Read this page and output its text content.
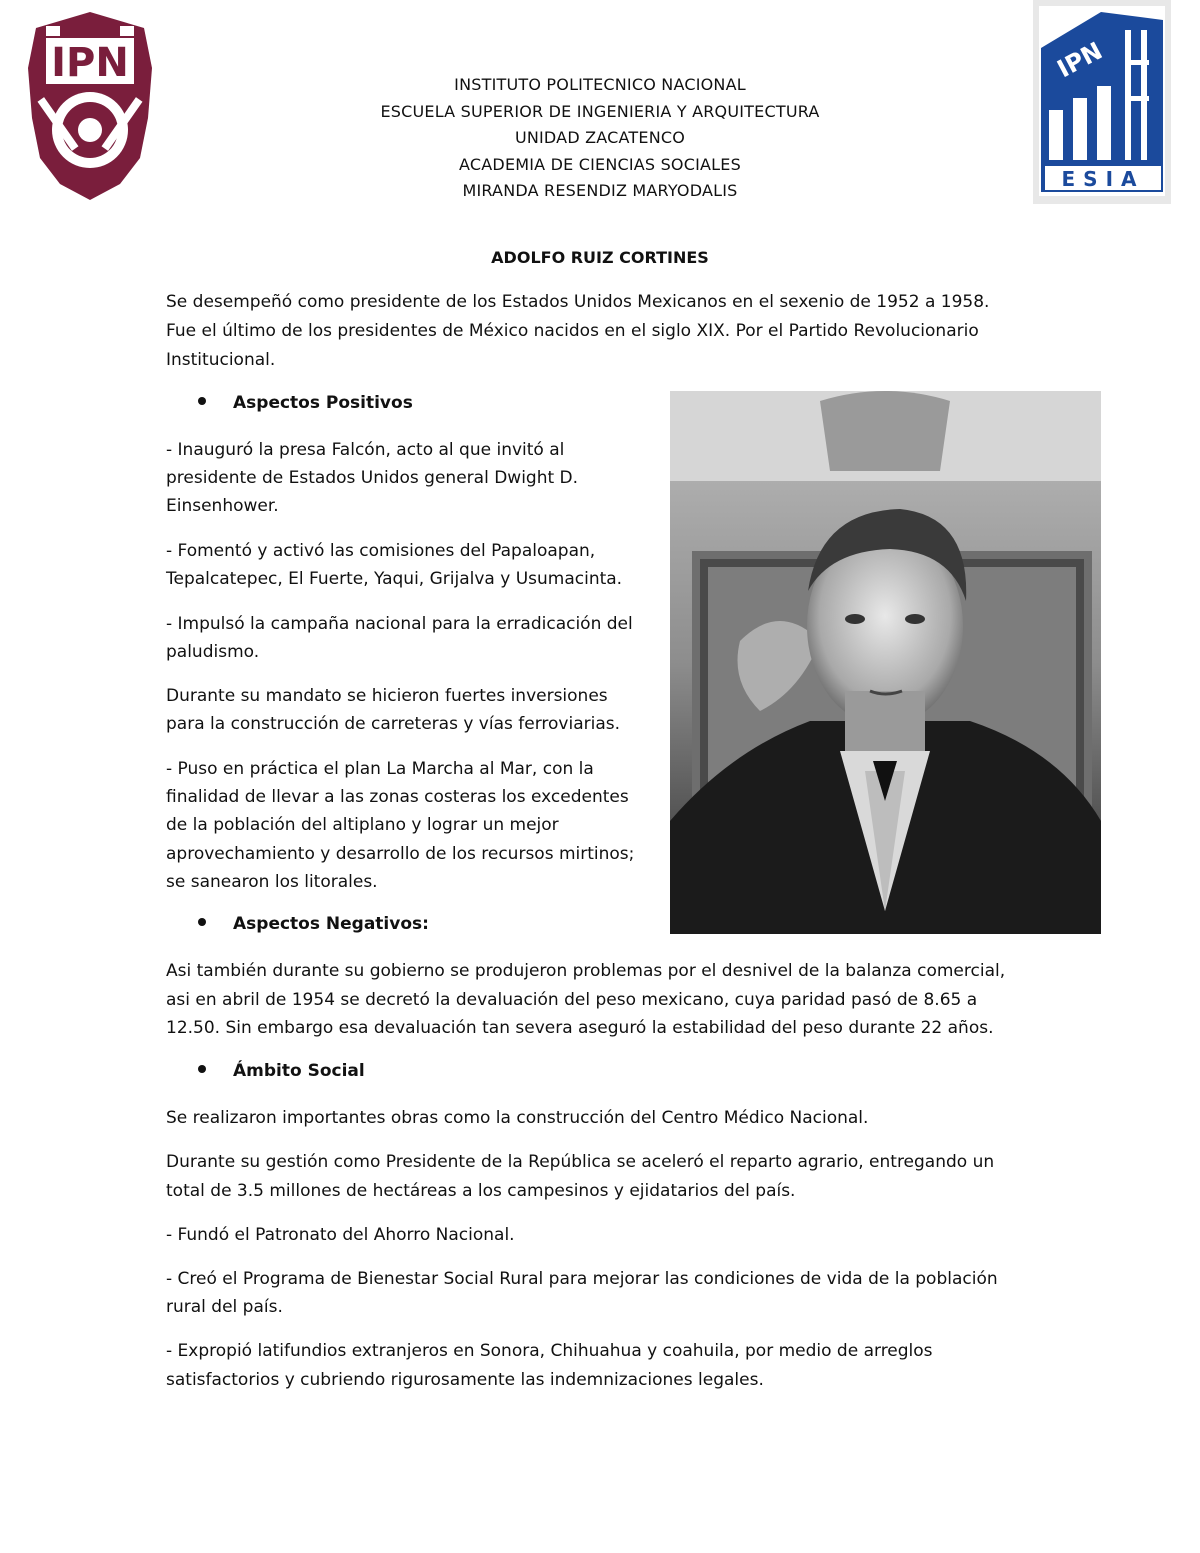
IPN	IPN
ESIA
INSTITUTO POLITECNICO NACIONAL
ESCUELA SUPERIOR DE INGENIERIA Y ARQUITECTURA
UNIDAD ZACATENCO
ACADEMIA DE CIENCIAS SOCIALES
MIRANDA RESENDIZ MARYODALIS
ADOLFO RUIZ CORTINES
Se desempeñó como presidente de los Estados Unidos Mexicanos en el sexenio de 1952 a 1958.
Fue el último de los presidentes de México nacidos en el siglo XIX. Por el Partido Revolucionario
Institucional.
Aspectos Positivos
- Inauguró la presa Falcón, acto al que invitó al
presidente de Estados Unidos general Dwight D.
Einsenhower.
- Fomentó y activó las comisiones del Papaloapan,
Tepalcatepec, El Fuerte, Yaqui, Grijalva y Usumacinta.
- Impulsó la campaña nacional para la erradicación del
paludismo.
Durante su mandato se hicieron fuertes inversiones
para la construcción de carreteras y vías ferroviarias.
- Puso en práctica el plan La Marcha al Mar, con la
finalidad de llevar a las zonas costeras los excedentes
de la población del altiplano y lograr un mejor
aprovechamiento y desarrollo de los recursos mirtinos;
se sanearon los litorales.
Aspectos Negativos:
Asi también durante su gobierno se produjeron problemas por el desnivel de la balanza comercial,
asi en abril de 1954 se decretó la devaluación del peso mexicano, cuya paridad pasó de 8.65 a
12.50. Sin embargo esa devaluación tan severa aseguró la estabilidad del peso durante 22 años.
Ámbito Social
Se realizaron importantes obras como la construcción del Centro Médico Nacional.
Durante su gestión como Presidente de la República se aceleró el reparto agrario, entregando un
total de 3.5 millones de hectáreas a los campesinos y ejidatarios del país.
- Fundó el Patronato del Ahorro Nacional.
- Creó el Programa de Bienestar Social Rural para mejorar las condiciones de vida de la población
rural del país.
- Expropió latifundios extranjeros en Sonora, Chihuahua y coahuila, por medio de arreglos
satisfactorios y cubriendo rigurosamente las indemnizaciones legales.
